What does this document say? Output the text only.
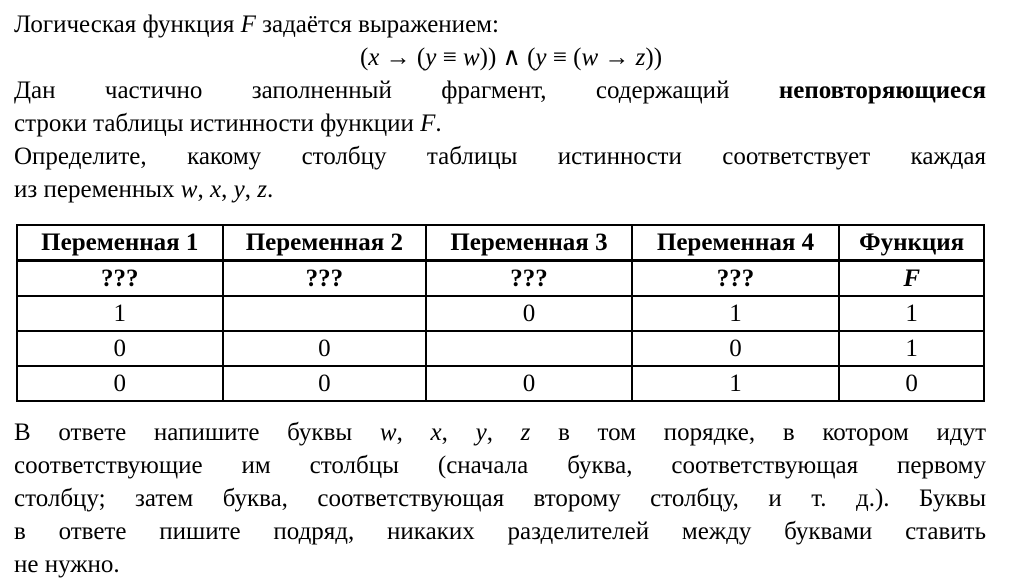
Логическая функция F задаётся выражением:
(x → (y ≡ w)) ∧ (y ≡ (w → z))
Дан частично заполненный фрагмент, содержащий неповторяющиеся
строки таблицы истинности функции F.
Определите, какому столбцу таблицы истинности соответствует каждая
из переменных w, x, y, z.
Переменная 1	Переменная 2	Переменная 3	Переменная 4	Функция
???	???	???	???	F
1		0	1	1
0	0		0	1
0	0	0	1	0
В ответе напишите буквы w, x, y, z в том порядке, в котором идут
соответствующие им столбцы (сначала буква, соответствующая первому
столбцу; затем буква, соответствующая второму столбцу, и т. д.). Буквы
в ответе пишите подряд, никаких разделителей между буквами ставить
не нужно.
